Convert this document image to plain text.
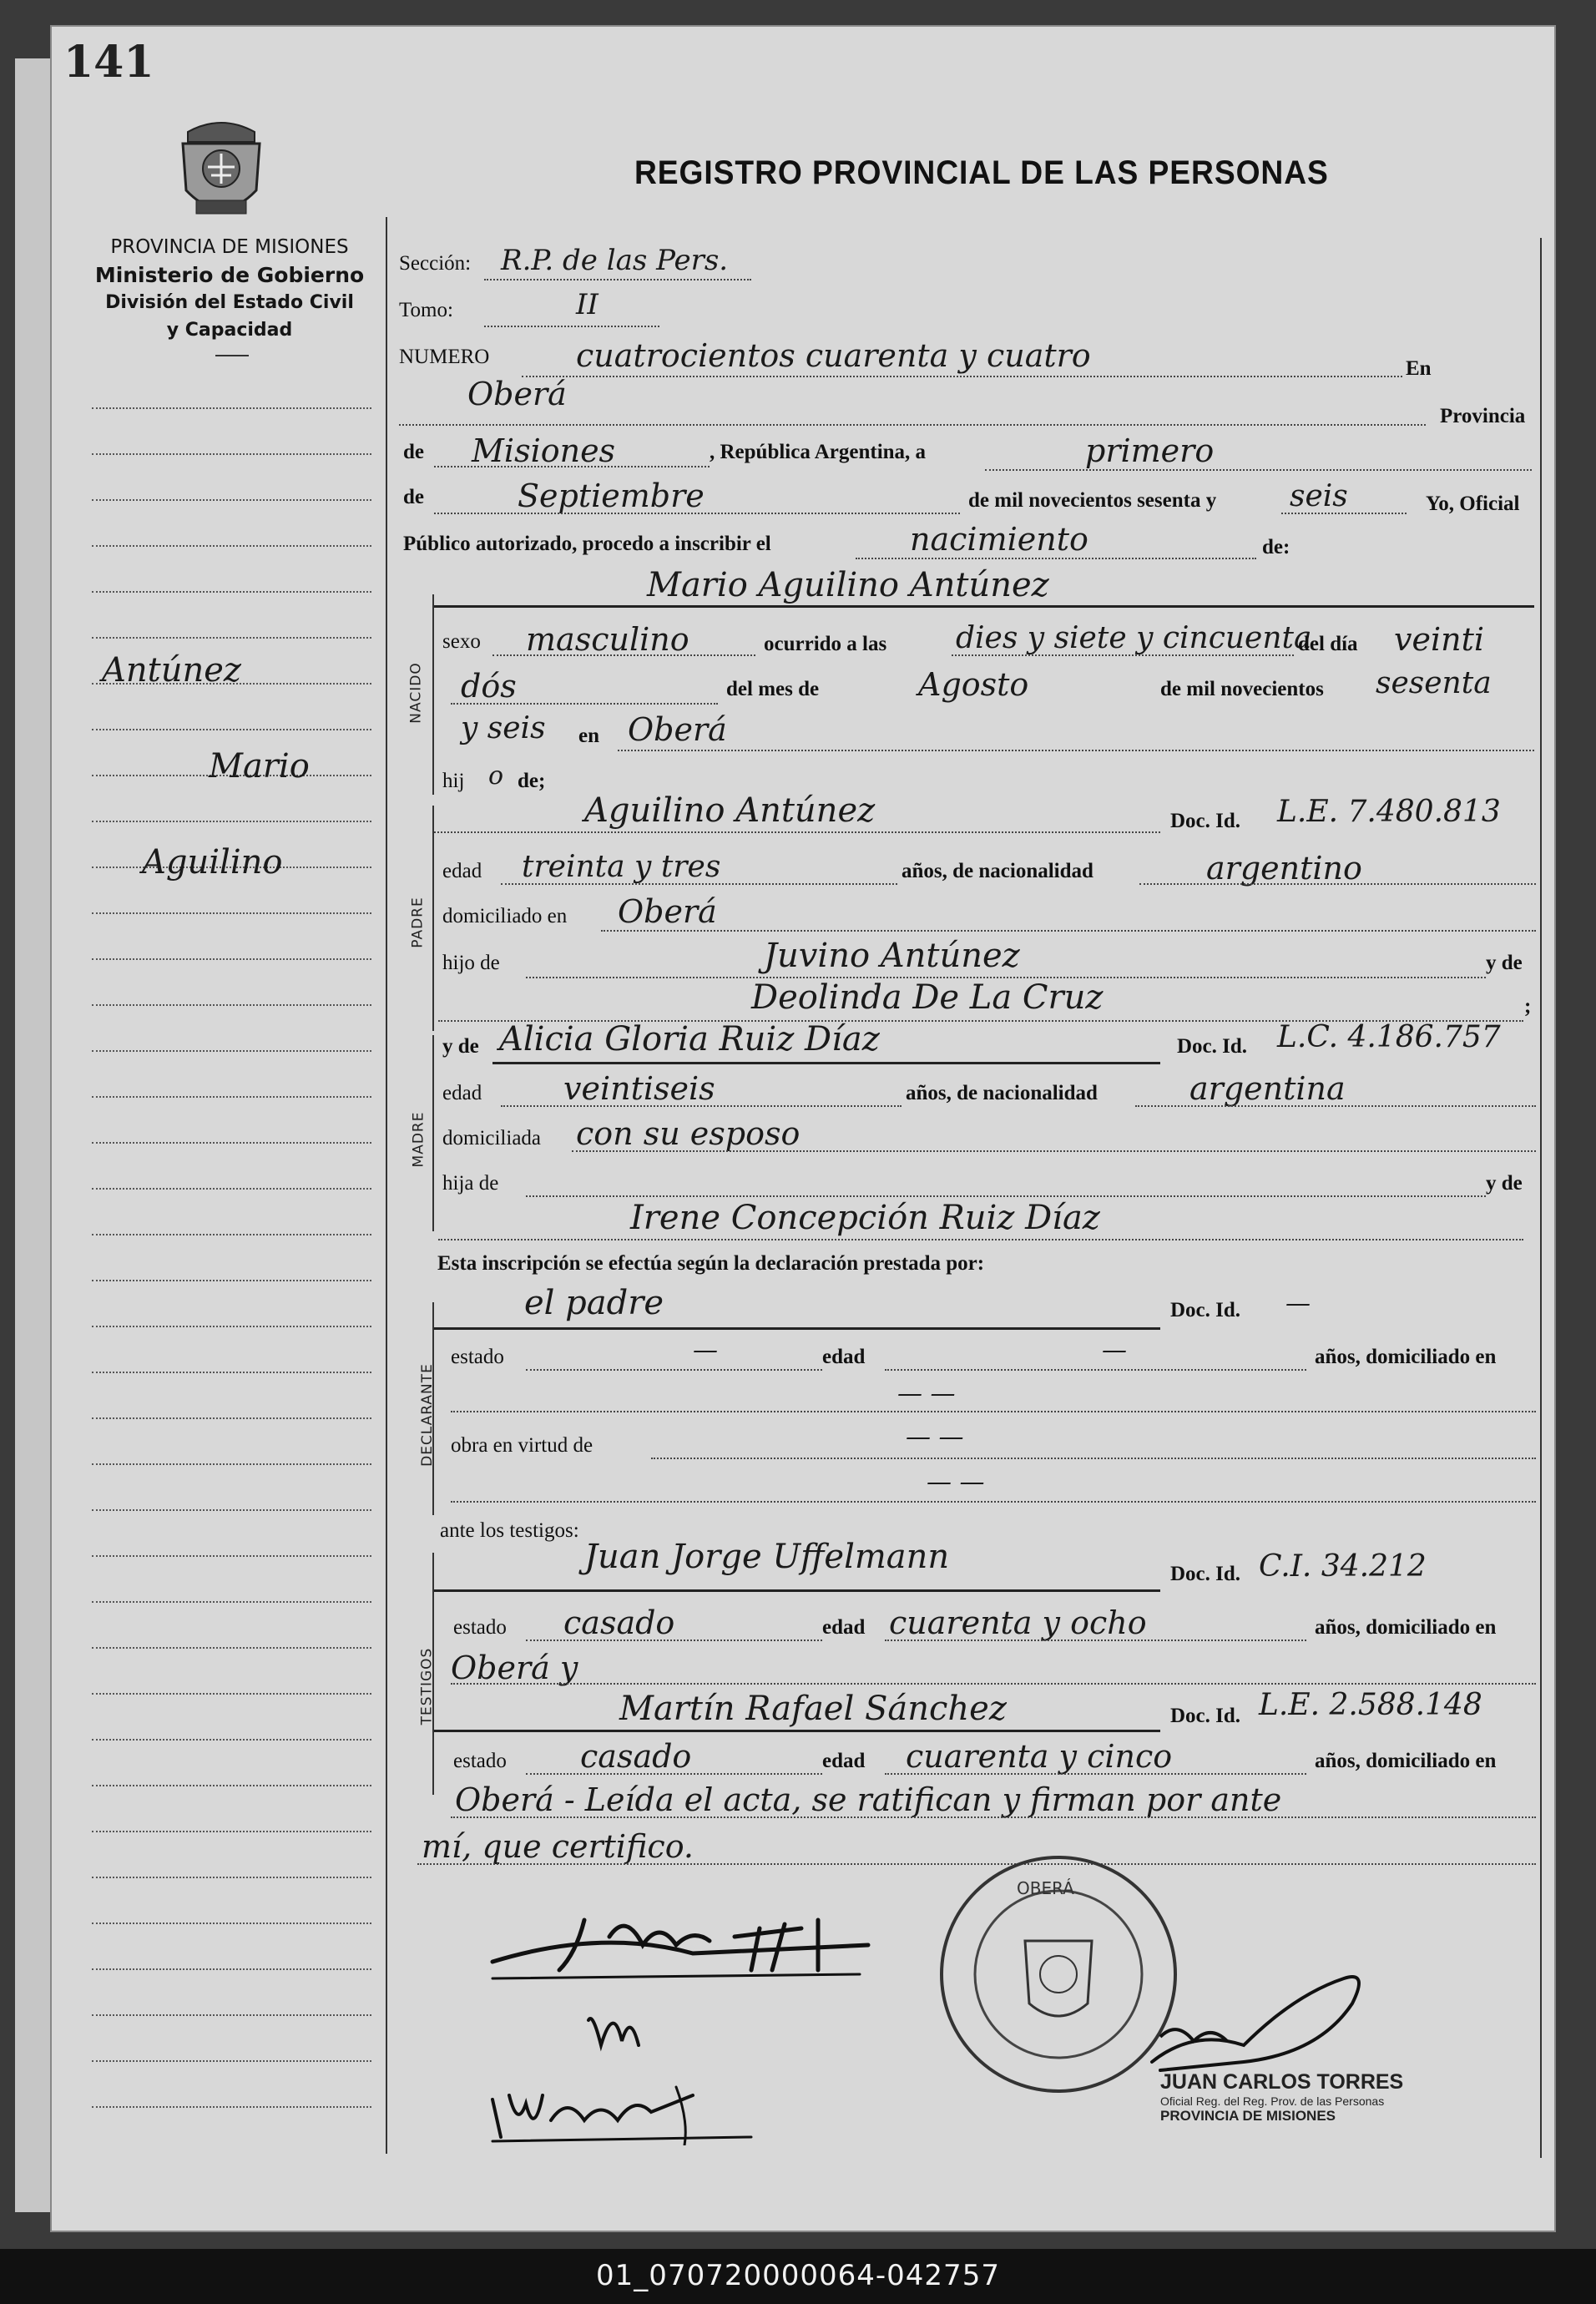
141
REGISTRO PROVINCIAL DE LAS PERSONAS
PROVINCIA DE MISIONES
Ministerio de Gobierno
División del Estado Civil
y Capacidad
Antúnez
Mario
Aguilino
Sección: R.P. de las Pers.
Tomo:	II
NUMERO	cuatrocientos cuarenta y cuatro	En
Oberá
Provincia
de Misiones	, República Argentina, a	primero
de	Septiembre	de mil novecientos sesenta y seis	Yo, Oficial
Público autorizado, procedo a inscribir el	nacimiento	de:
NACIDO
Mario Aguilino Antúnez
sexo masculino	ocurrido a las dies y siete y cincuenta
del día veinti
dós	del mes de	Agosto	de mil novecientos sesenta
y seis en Oberá
hij o de;
PADRE
Aguilino Antúnez	Doc. Id. L.E. 7.480.813
edad treinta y tres	años, de nacionalidad	argentino
domiciliado en Oberá
hijo de	Juvino Antúnez	y de
Deolinda De La Cruz	;
MADRE
y de Alicia Gloria Ruiz Díaz	Doc. Id. L.C. 4.186.757
edad	veintiseis	años, de nacionalidad	argentina
domiciliada con su esposo
hija de	y de
Irene Concepción Ruiz Díaz
Esta inscripción se efectúa según la declaración prestada por:
DECLARANTE
el padre	Doc. Id. —
estado	—	edad	—	años, domiciliado en
— —
obra en virtud de	— —
— —
ante los testigos:
TESTIGOS
Juan Jorge Uffelmann	Doc. Id. C.I. 34.212
estado casado	edad cuarenta y ocho	años, domiciliado en
Oberá y
Martín Rafael Sánchez	Doc. Id. L.E. 2.588.148
estado casado	edad cuarenta y cinco	años, domiciliado en
Oberá - Leída el acta, se ratifican y firman por ante
mí, que certifico.
OBERÁ
JUAN CARLOS TORRES
Oficial Reg. del Reg. Prov. de las Personas
PROVINCIA DE MISIONES
01_070720000064-042757
